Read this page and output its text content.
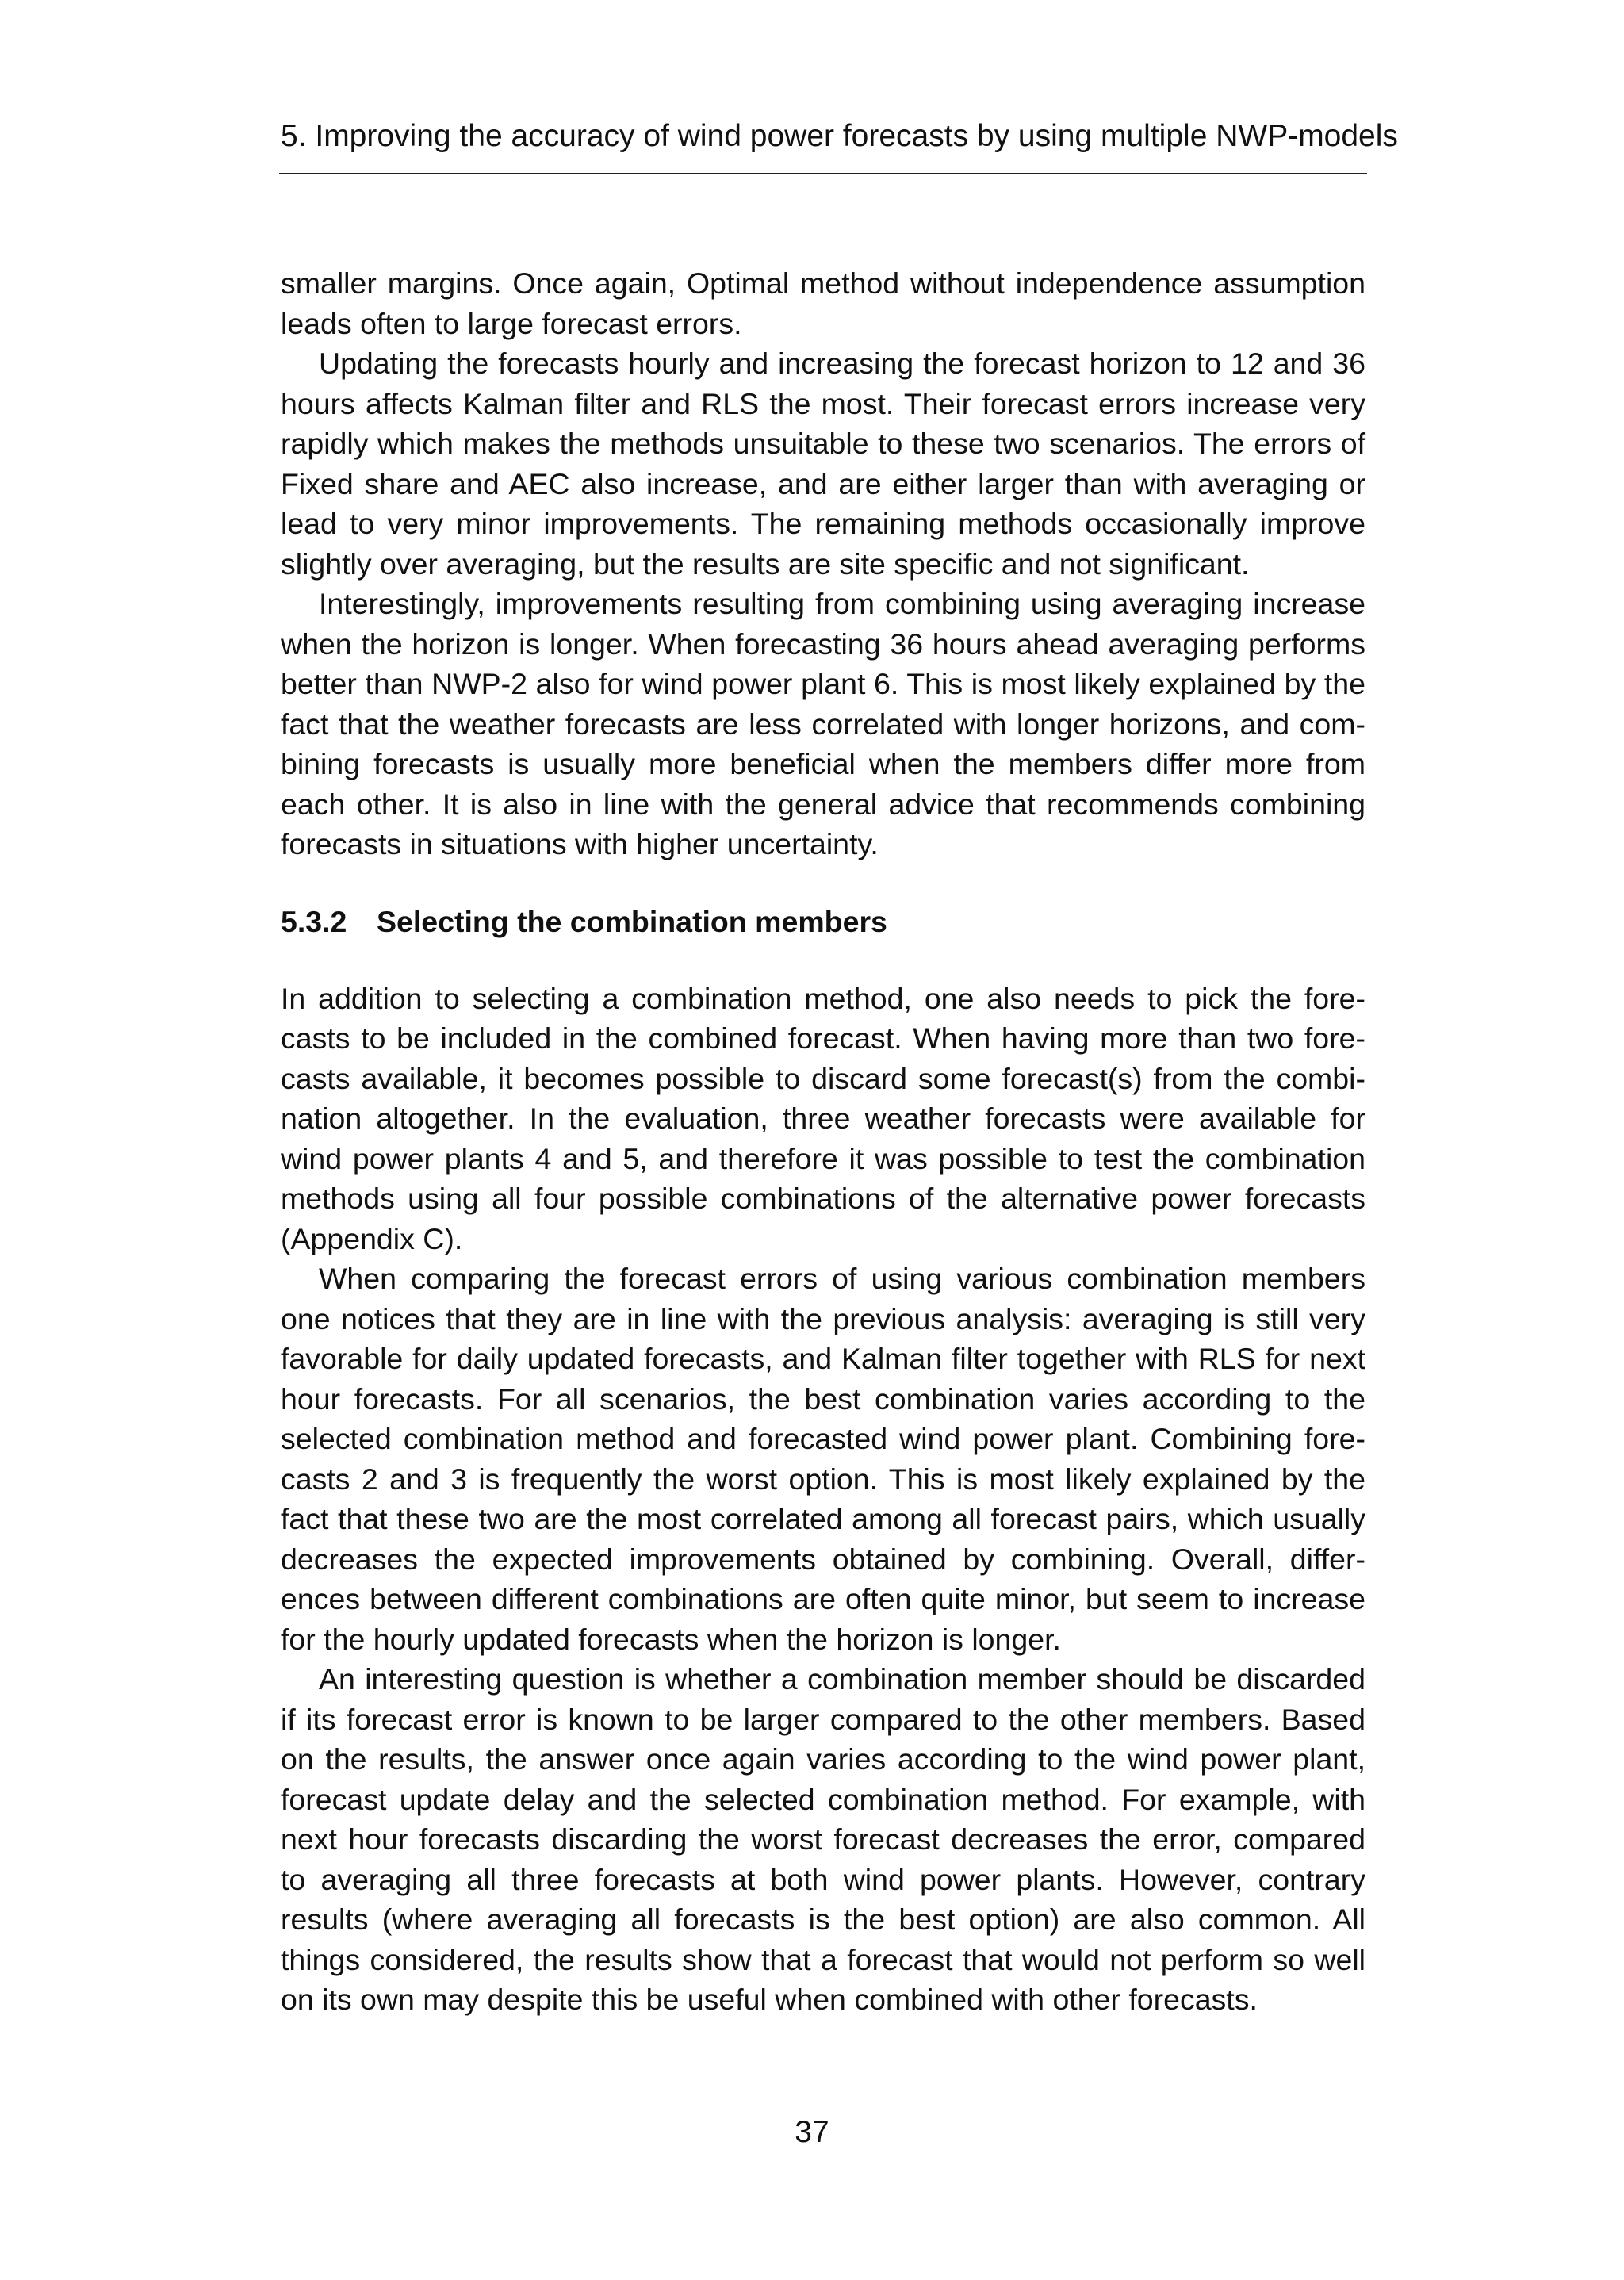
5. Improving the accuracy of wind power forecasts by using multiple NWP-models

smaller margins. Once again, Optimal method without independence assumption leads often to large forecast errors.

Updating the forecasts hourly and increasing the forecast horizon to 12 and 36 hours affects Kalman filter and RLS the most. Their forecast errors increase very rapidly which makes the methods unsuitable to these two scenarios. The errors of Fixed share and AEC also increase, and are either larger than with averaging or lead to very minor improvements. The remaining methods occasionally improve slightly over averaging, but the results are site specific and not significant.

Interestingly, improvements resulting from combining using averaging increase when the horizon is longer. When forecasting 36 hours ahead averaging performs better than NWP-2 also for wind power plant 6. This is most likely explained by the fact that the weather forecasts are less correlated with longer horizons, and combining forecasts is usually more beneficial when the members differ more from each other. It is also in line with the general advice that recommends combining forecasts in situations with higher uncertainty.

5.3.2 Selecting the combination members

In addition to selecting a combination method, one also needs to pick the forecasts to be included in the combined forecast. When having more than two forecasts available, it becomes possible to discard some forecast(s) from the combination altogether. In the evaluation, three weather forecasts were available for wind power plants 4 and 5, and therefore it was possible to test the combination methods using all four possible combinations of the alternative power forecasts (Appendix C).

When comparing the forecast errors of using various combination members one notices that they are in line with the previous analysis: averaging is still very favorable for daily updated forecasts, and Kalman filter together with RLS for next hour forecasts. For all scenarios, the best combination varies according to the selected combination method and forecasted wind power plant. Combining forecasts 2 and 3 is frequently the worst option. This is most likely explained by the fact that these two are the most correlated among all forecast pairs, which usually decreases the expected improvements obtained by combining. Overall, differences between different combinations are often quite minor, but seem to increase for the hourly updated forecasts when the horizon is longer.

An interesting question is whether a combination member should be discarded if its forecast error is known to be larger compared to the other members. Based on the results, the answer once again varies according to the wind power plant, forecast update delay and the selected combination method. For example, with next hour forecasts discarding the worst forecast decreases the error, compared to averaging all three forecasts at both wind power plants. However, contrary results (where averaging all forecasts is the best option) are also common. All things considered, the results show that a forecast that would not perform so well on its own may despite this be useful when combined with other forecasts.

37
